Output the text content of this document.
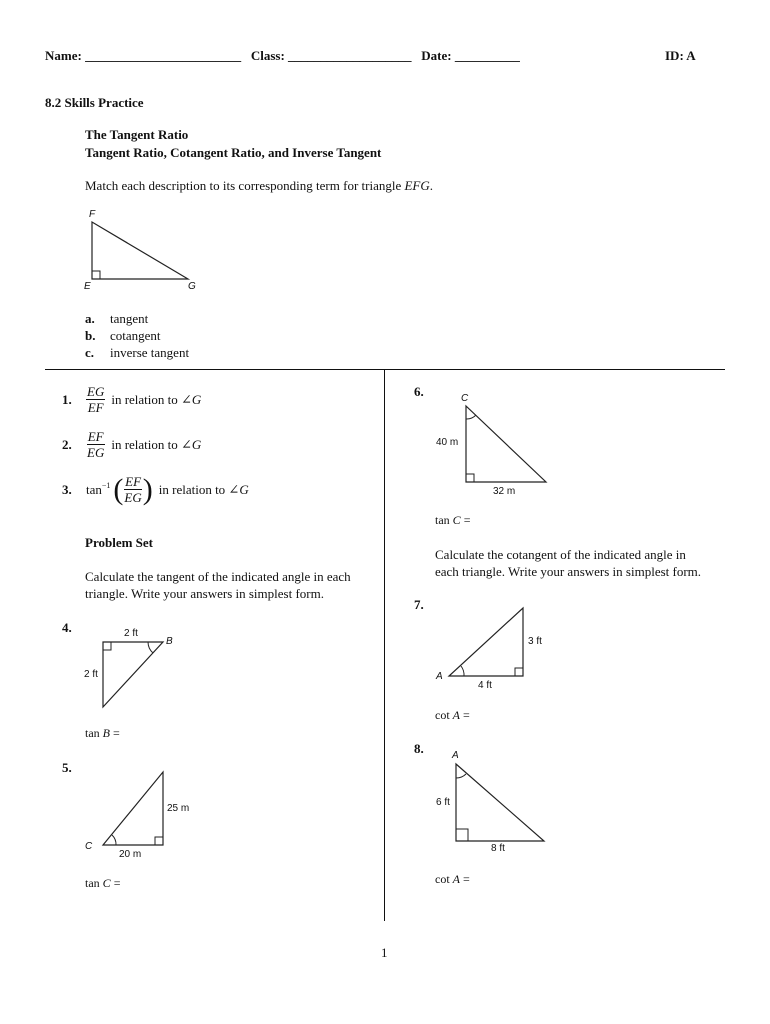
Name: ________________________ Class: ___________________ Date: __________	ID: A
8.2 Skills Practice
The Tangent Ratio
Tangent Ratio, Cotangent Ratio, and Inverse Tangent
Match each description to its corresponding term for triangle EFG.
F
E	G
a. tangent
b. cotangent
c. inverse tangent
1.	$\frac{EG}{EF}$ in relation to ∠ G
2.	$\frac{EF}{EG}$ in relation to ∠ G
3.	$\tan^{-1}$ ( $\frac{EF}{EG}$ ) in relation to ∠ G
Problem Set
Calculate the tangent of the indicated angle in each
triangle. Write your answers in simplest form.
4.	2 ft
2 ft
B
tan B =
5.
25 m
20 m
C
tan C =
6.	C
40 m
32 m
tan C =
Calculate the cotangent of the indicated angle in
each triangle. Write your answers in simplest form.
7.
A
3 ft
4 ft
cot A =
8.	A
6 ft
8 ft
cot A =
1
